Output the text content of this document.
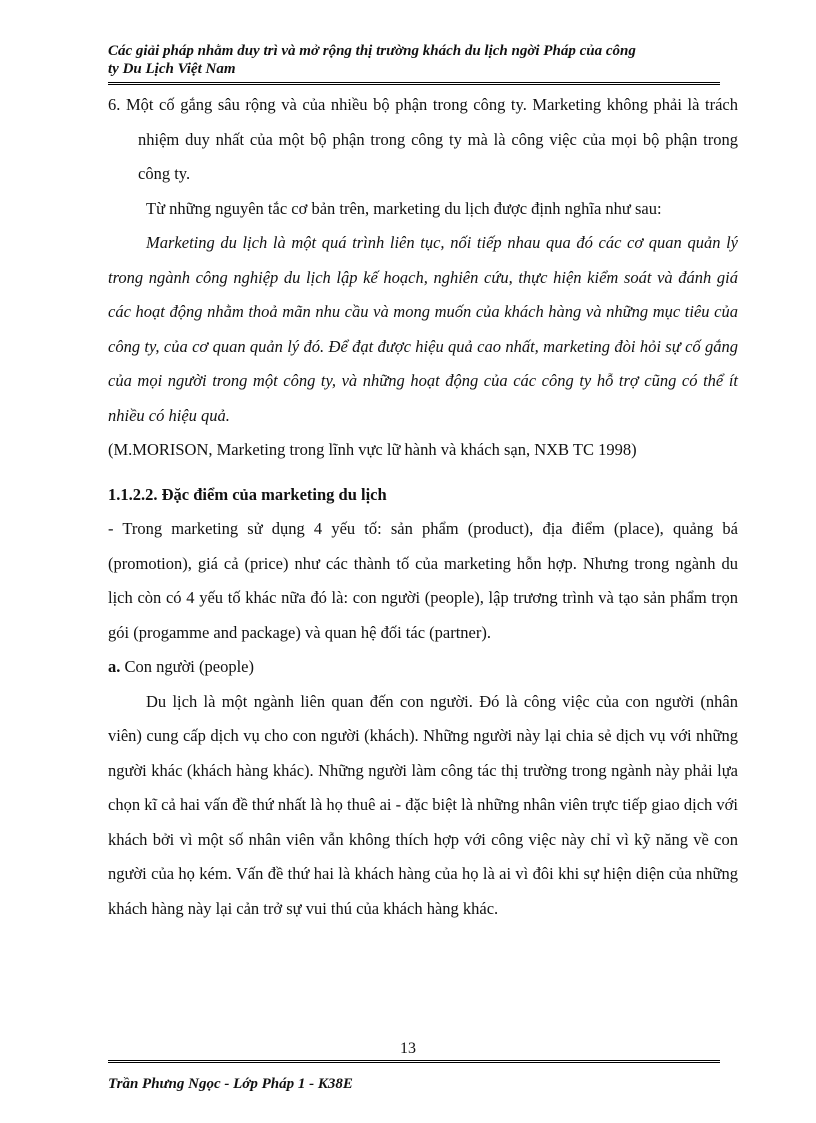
Các giải pháp nhằm duy trì và mở rộng thị trường khách du lịch ngời Pháp của công
ty Du Lịch Việt Nam

6. Một cố gắng sâu rộng và của nhiều bộ phận trong công ty. Marketing không phải là trách nhiệm duy nhất của một bộ phận trong công ty mà là công việc của mọi bộ phận trong công ty.

Từ những nguyên tắc cơ bản trên, marketing du lịch được định nghĩa như sau:

Marketing du lịch là một quá trình liên tục, nối tiếp nhau qua đó các cơ quan quản lý trong ngành công nghiệp du lịch lập kế hoạch, nghiên cứu, thực hiện kiểm soát và đánh giá các hoạt động nhằm thoả mãn nhu cầu và mong muốn của khách hàng và những mục tiêu của công ty, của cơ quan quản lý đó. Để đạt được hiệu quả cao nhất, marketing đòi hỏi sự cố gắng của mọi người trong một công ty, và những hoạt động của các công ty hỗ trợ cũng có thể ít nhiều có hiệu quả.

(M.MORISON, Marketing trong lĩnh vực lữ hành và khách sạn, NXB TC 1998)

1.1.2.2. Đặc điểm của marketing du lịch

- Trong marketing sử dụng 4 yếu tố: sản phẩm (product), địa điểm (place), quảng bá (promotion), giá cả (price) như các thành tố của marketing hỗn hợp. Nhưng trong ngành du lịch còn có 4 yếu tố khác nữa đó là: con người (people), lập trương trình và tạo sản phẩm trọn gói (progamme and package) và quan hệ đối tác (partner).

a. Con người (people)

Du lịch là một ngành liên quan đến con người. Đó là công việc của con người (nhân viên) cung cấp dịch vụ cho con người (khách). Những người này lại chia sẻ dịch vụ với những người khác (khách hàng khác). Những người làm công tác thị trường trong ngành này phải lựa chọn kĩ cả hai vấn đề thứ nhất là họ thuê ai - đặc biệt là những nhân viên trực tiếp giao dịch với khách bởi vì một số nhân viên vẫn không thích hợp với công việc này chỉ vì kỹ năng về con người của họ kém. Vấn đề thứ hai là khách hàng của họ là ai vì đôi khi sự hiện diện của những khách hàng này lại cản trở sự vui thú của khách hàng khác.

13
Trần Phưng Ngọc - Lớp Pháp 1 - K38E
